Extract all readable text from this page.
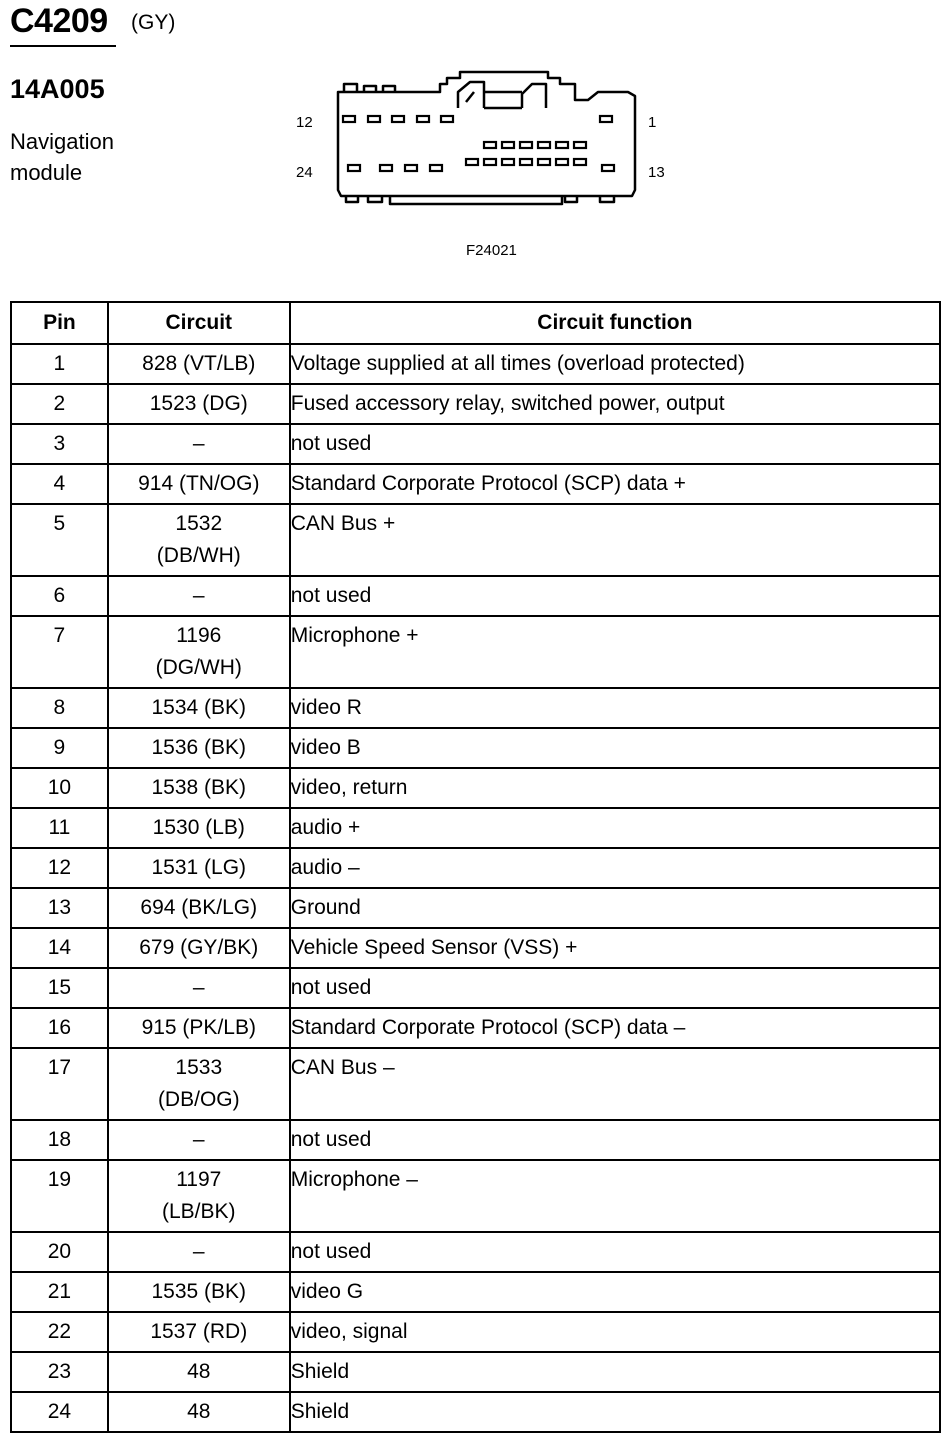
C4209 (GY)
14A005
Navigation module
12	1
24	13
F24021
Pin	Circuit	Circuit function
1	828 (VT/LB)	Voltage supplied at all times (overload protected)
2	1523 (DG)	Fused accessory relay, switched power, output
3	–	not used
4	914 (TN/OG)	Standard Corporate Protocol (SCP) data +
5	1532 (DB/WH)	CAN Bus +
6	–	not used
7	1196 (DG/WH)	Microphone +
8	1534 (BK)	video R
9	1536 (BK)	video B
10	1538 (BK)	video, return
11	1530 (LB)	audio +
12	1531 (LG)	audio –
13	694 (BK/LG)	Ground
14	679 (GY/BK)	Vehicle Speed Sensor (VSS) +
15	–	not used
16	915 (PK/LB)	Standard Corporate Protocol (SCP) data –
17	1533 (DB/OG)	CAN Bus –
18	–	not used
19	1197 (LB/BK)	Microphone –
20	–	not used
21	1535 (BK)	video G
22	1537 (RD)	video, signal
23	48	Shield
24	48	Shield
